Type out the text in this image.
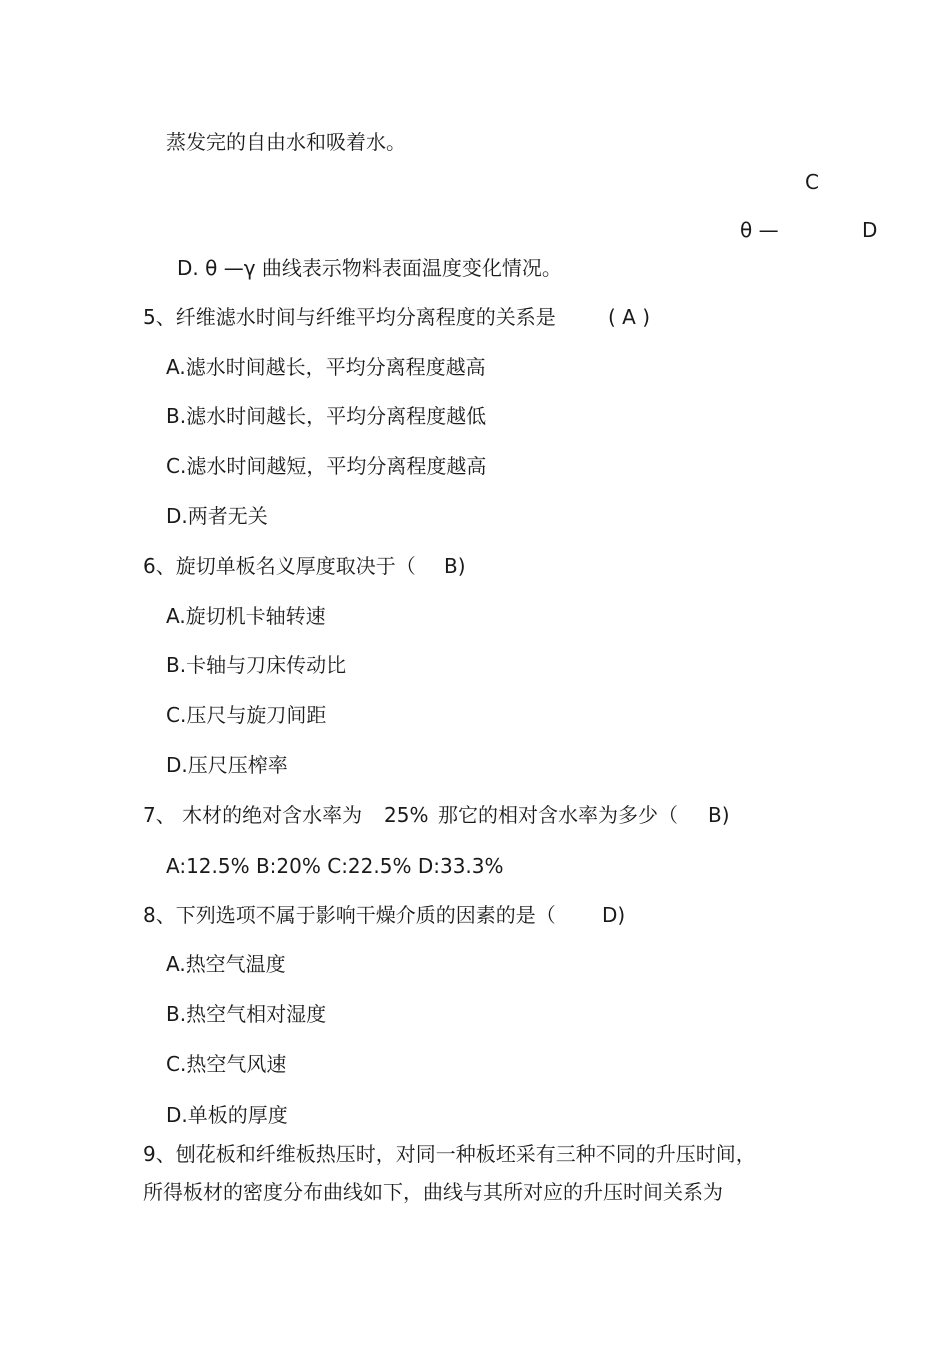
蒸发完的自由水和吸着水。
C
θ —	D
D. θ —γ 曲线表示物料表面温度变化情况。
5、纤维滤水时间与纤维平均分离程度的关系是	( A )
A.滤水时间越长，平均分离程度越高
B.滤水时间越长，平均分离程度越低
C.滤水时间越短，平均分离程度越高
D.两者无关
6、旋切单板名义厚度取决于（ B)
A.旋切机卡轴转速
B.卡轴与刀床传动比
C.压尺与旋刀间距
D.压尺压榨率
7、 木材的绝对含水率为 25% 那它的相对含水率为多少（ B)
A:12.5% B:20% C:22.5% D:33.3%
8、下列选项不属于影响干燥介质的因素的是（ D)
A.热空气温度
B.热空气相对湿度
C.热空气风速
D.单板的厚度
9、刨花板和纤维板热压时，对同一种板坯采有三种不同的升压时间，
所得板材的密度分布曲线如下，曲线与其所对应的升压时间关系为
